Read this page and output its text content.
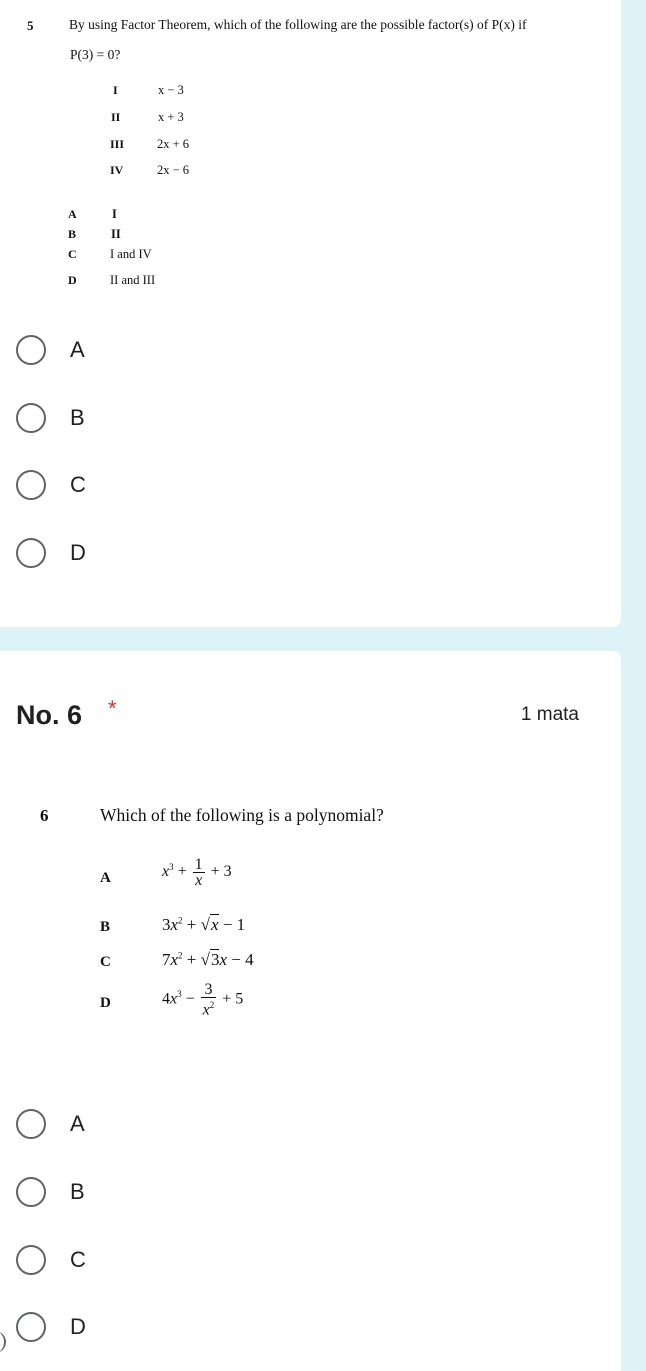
5	By using Factor Theorem, which of the following are the possible factor(s) of P(x) if
P(3) = 0?
I	x − 3
II	x + 3
III	2x + 6
IV	2x − 6
A	I
B	II
C	I and IV
D	II and III
A
B
C
D
No. 6 *	1 mata
6	Which of the following is a polynomial?
A	$x^3 + \frac{1}{x} + 3$
B	$3x^2 + √x - 1$
C	$7x^2 + √3x - 4$
D	$4x^3 - \frac{3}{x^2} + 5$
A
B
C
D
